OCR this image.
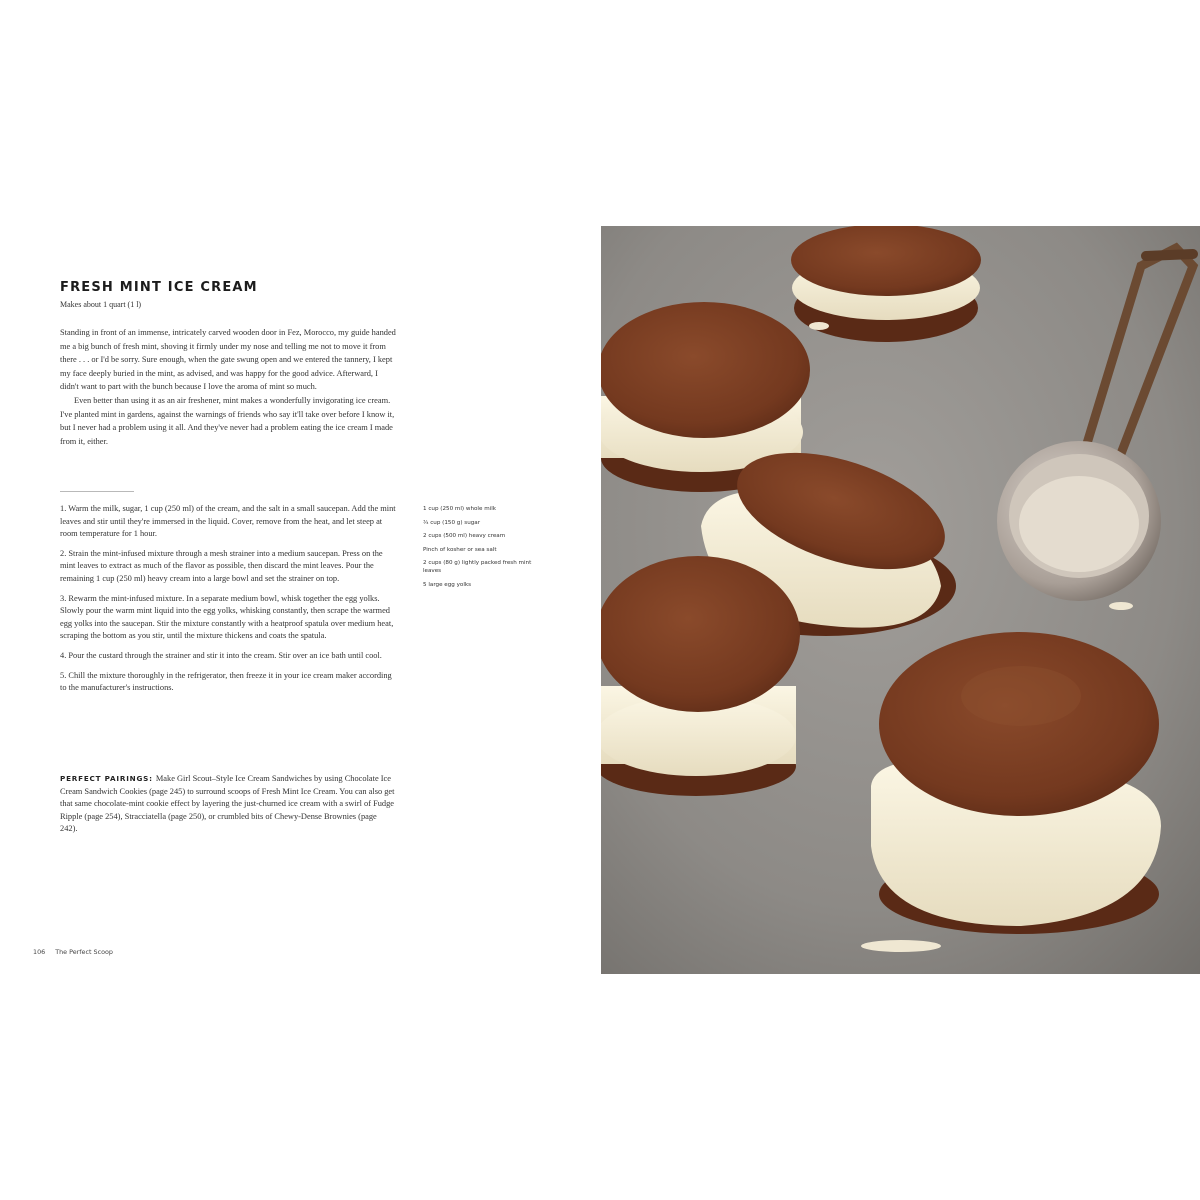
FRESH MINT ICE CREAM
Makes about 1 quart (1 l)

Standing in front of an immense, intricately carved wooden door in Fez, Morocco, my guide handed me a big bunch of fresh mint, shoving it firmly under my nose and telling me not to move it from there . . . or I'd be sorry. Sure enough, when the gate swung open and we entered the tannery, I kept my face deeply buried in the mint, as advised, and was happy for the good advice. Afterward, I didn't want to part with the bunch because I love the aroma of mint so much.

Even better than using it as an air freshener, mint makes a wonderfully invigorating ice cream. I've planted mint in gardens, against the warnings of friends who say it'll take over before I know it, but I never had a problem using it all. And they've never had a problem eating the ice cream I made from it, either.

1. Warm the milk, sugar, 1 cup (250 ml) of the cream, and the salt in a small saucepan. Add the mint leaves and stir until they're immersed in the liquid. Cover, remove from the heat, and let steep at room temperature for 1 hour.
2. Strain the mint-infused mixture through a mesh strainer into a medium saucepan. Press on the mint leaves to extract as much of the flavor as possible, then discard the mint leaves. Pour the remaining 1 cup (250 ml) heavy cream into a large bowl and set the strainer on top.
3. Rewarm the mint-infused mixture. In a separate medium bowl, whisk together the egg yolks. Slowly pour the warm mint liquid into the egg yolks, whisking constantly, then scrape the warmed egg yolks into the saucepan. Stir the mixture constantly with a heatproof spatula over medium heat, scraping the bottom as you stir, until the mixture thickens and coats the spatula.
4. Pour the custard through the strainer and stir it into the cream. Stir over an ice bath until cool.
5. Chill the mixture thoroughly in the refrigerator, then freeze it in your ice cream maker according to the manufacturer's instructions.

PERFECT PAIRINGS: Make Girl Scout–Style Ice Cream Sandwiches by using Chocolate Ice Cream Sandwich Cookies (page 245) to surround scoops of Fresh Mint Ice Cream. You can also get that same chocolate-mint cookie effect by layering the just-churned ice cream with a swirl of Fudge Ripple (page 254), Stracciatella (page 250), or crumbled bits of Chewy-Dense Brownies (page 242).

1 cup (250 ml) whole milk
¾ cup (150 g) sugar
2 cups (500 ml) heavy cream
Pinch of kosher or sea salt
2 cups (80 g) lightly packed fresh mint leaves
5 large egg yolks
106 The Perfect Scoop
